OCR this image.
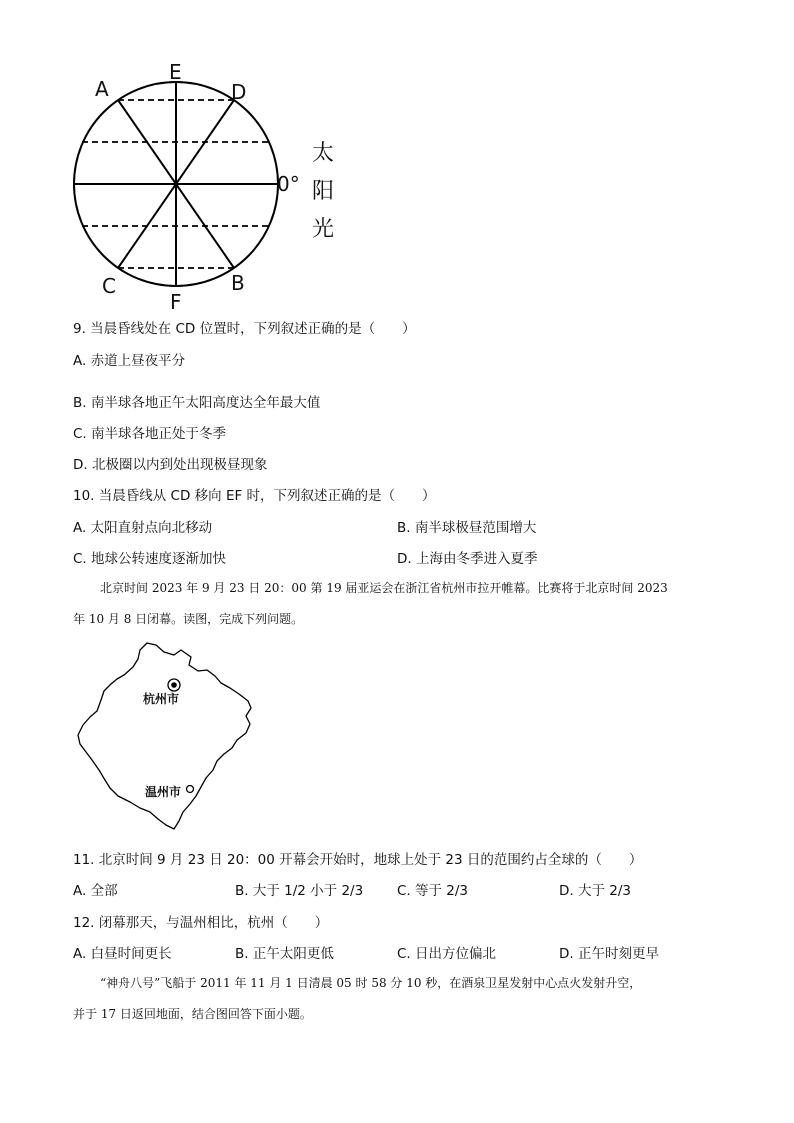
A
E
D
0°
C
F
B
太
阳
光
9. 当晨昏线处在 CD 位置时，下列叙述正确的是（　　）
A. 赤道上昼夜平分
B. 南半球各地正午太阳高度达全年最大值
C. 南半球各地正处于冬季
D. 北极圈以内到处出现极昼现象
10. 当晨昏线从 CD 移向 EF 时，下列叙述正确的是（　　）
A. 太阳直射点向北移动	B. 南半球极昼范围增大
C. 地球公转速度逐渐加快	D. 上海由冬季进入夏季
北京时间 2023 年 9 月 23 日 20：00 第 19 届亚运会在浙江省杭州市拉开帷幕。比赛将于北京时间 2023
年 10 月 8 日闭幕。读图，完成下列问题。
杭州市
温州市
11. 北京时间 9 月 23 日 20：00 开幕会开始时，地球上处于 23 日的范围约占全球的（　　）
A. 全部	B. 大于 1/2 小于 2/3	C. 等于 2/3	D. 大于 2/3
12. 闭幕那天，与温州相比，杭州（　　）
A. 白昼时间更长	B. 正午太阳更低	C. 日出方位偏北	D. 正午时刻更早
“神舟八号”飞船于 2011 年 11 月 1 日清晨 05 时 58 分 10 秒，在酒泉卫星发射中心点火发射升空，
并于 17 日返回地面，结合图回答下面小题。
